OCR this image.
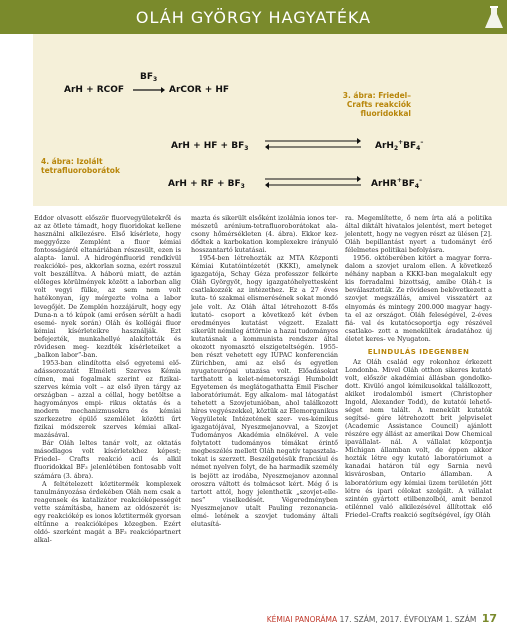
OLÁH GYÖRGY HAGYATÉKA
ArH + RCOF
$BF_3$
→ ArCOR + HF
ArH + HF + $BF_3$	$ArH_2^+BF_4^-$
ArH + RF + $BF_3$	$ArHR^+BF_4^-$
3. ábra: Friedel–
Crafts reakciók
fluoridokkal
4. ábra: Izolált
tetrafluoroborátok

Eddor olvasott először fluorvegyületekről és az az ötlete támadt, hogy fluoridokat kellene használni alkilezésre. Első kísérlete, hogy meggyőzze Zemplént a fluor kémiai fontosságáról eltanáriában részesült, ezen is alapta- lanul. A hidrogénfluorid rendkívül reakcióké- pes, akkorlan sozna, ezért rosszul volt beszállítva. A háború miatt, de aztán előleges körülmények között a laborban alig volt vegyi fülke, az sem nem volt hatékonyan, így mérgezte volna a labor levegőjét. De Zemplén hozzájárult, hogy egy Duna-n a tó kúpok (ami erősen sérült a hadi esemé- nyek során) Oláh és kollégái fluor kémiai kísérleteikre használják. Ezt befejezték, munkahellyé alakították és rövidesen meg- kezdték kísérleteiket a „balkon labor”-ban.

1953-ban elindította első egyetemi elő- adássorozatát Elméleti Szerves Kémia címen, mai fogalmak szerint ez fizikai-szerves kémia volt – az első ilyen tárgy az országban – azzal a céllal, hogy betöltse a hagyományos empi- rikus oktatás és a modern mechanizmusokra és kémiai szerkezetre épülő szemlélet közötti űrt fizikai módszerek szerves kémiai alkal- mazásával.

Bár Oláh leltes tanár volt, az oktatás másodlagos volt kísérletekhez képest; Friedel– Crafts reakció acil és alkil fluoridokkal BF₃ jelenlétében fontosabb volt számára (3. ábra).

A feltételezett köztitermék komplexek tanulmányozása érdekében Oláh nem csak a reagensek és katalizátor reakcióképességét vette számításba, hanem az oldószerét is: egy reakciókép es ionos köztitermék gyorsan eltűnne a reakcióképes közegben. Ezért oldó- szerként magát a BF₃ reakciópartnert alkal-

mazta és sikerült elsőként izolálnia ionos ter- mészetű arénium-tetrafluoroborátokat ala- csony hőmérsékleten (4. ábra). Ekkor kez- dődtek a karbokation komplexekre irányuló hosszantartó kutatásai.

1954-ben létrehozták az MTA Központi Kémiai Kutatóintézetét (KKKI), amelynek igazgatója, Schay Géza professzor felkérte Oláh Györgyöt, hogy igazgatóhelyettesként csatlakozzék az intézethez. Ez a 27 éves kuta- tó szakmai elismerésének sokat mondó jele volt. Az Oláh által létrehozott 8-fős kutató- csoport a következő két évben eredményes kutatást végzett. Ezalatt sikerült némileg áttörnie a hazai tudományos kutatásnak a kommunista rendszer által okozott nyomasztó elszigeteltségén. 1955-ben részt vehetett egy IUPAC konferencián Zürichben, ami az első és egyetlen nyugateurópai utazása volt. Előadásokat tarthatott a kelet-németországi Humboldt Egyetemen és meglátogathatta Emil Fischer laboratóriumát. Egy alkalom- mal látogatást tehetett a Szovjetunióban, ahol találkozott híres vegyészekkel, köztük az Elemorganikus Vegyületek Intézetének szer- ves-kémikus igazgatójával, Nyeszmejanovval, a Szovjet Tudományos Akadémia elnökével. A vele folytatott tudományos témákat érintő megbeszélés mellett Oláh negatív tapasztala- tokat is szerzett. Beszélgetésük franciául és német nyelven folyt, de ha harmadik személy is bejött az irodába, Nyeszmejanov azonnal oroszra váltott és tolmácsot kért. Még ő is tartott attól, hogy jelenthetik „szovjet-elle- nes” viselkedését. Végeredményben Nyeszmejanov utalt Pauling rezonancia-elmé- letének a szovjet tudomány általi elutasítá-

ra. Megemlítette, ő nem írta alá a politika által diktált hivatalos jelentést, mert beteget jelentett, hogy ne vegyen részt az ülésen [2]. Oláh bepillantást nyert a tudományt érő félelmetes politikai befolyásra.

1956. októberében kitört a magyar forra- dalom a szovjet uralom ellen. A következő néhány napban a KKKI-ban megalakult egy kis forradalmi bizottság, amibe Oláh-t is beválasztották. Ze rövidesen bekövetkezett a szovjet megszállás, amivel visszatért az elnyomás és mintegy 200.000 magyar hagy- ta el az országot. Oláh feleségével, 2-éves fiá- val és kutatócsoportja egy részével csatlako- zott a menekültek áradatához új életet keres- ve Nyugaton.

ELINDULÁS IDEGENBEN

Az Oláh család egy rokonhoz érkezett Londonba. Mivel Oláh otthon sikeres kutató volt, először akadémiai állásban gondolko- dott. Kivüló angol kémikusokkal találkozott, akiket irodalomból ismert (Christopher Ingold, Alexander Todd), de kutatói lehető- séget nem talált. A menekült kutatók segítsé- gére létrehozott brit jelpviselet (Academic Assistance Council) ajánlott részére egy állást az amerikai Dow Chemical ipavállalat- nál. A vállalat központja Michigan államban volt, de éppen akkor hozták létre egy kutató laboratóriumot a kanadai határon túl egy Sarnia nevű kisvárosban, Ontario államban. A laboratórium egy kémiai üzem területén jött létre és ipari célokat szolgált. A vállalat szintén gyártott etilbenzolból, amit benzol etilénnel való alkilezésével állítottak elő Friedel–Crafts reakció segítségével, így Oláh

KÉMIAI PANORÁMA 17. SZÁM, 2017. ÉVFOLYAM 1. SZÁM 17
